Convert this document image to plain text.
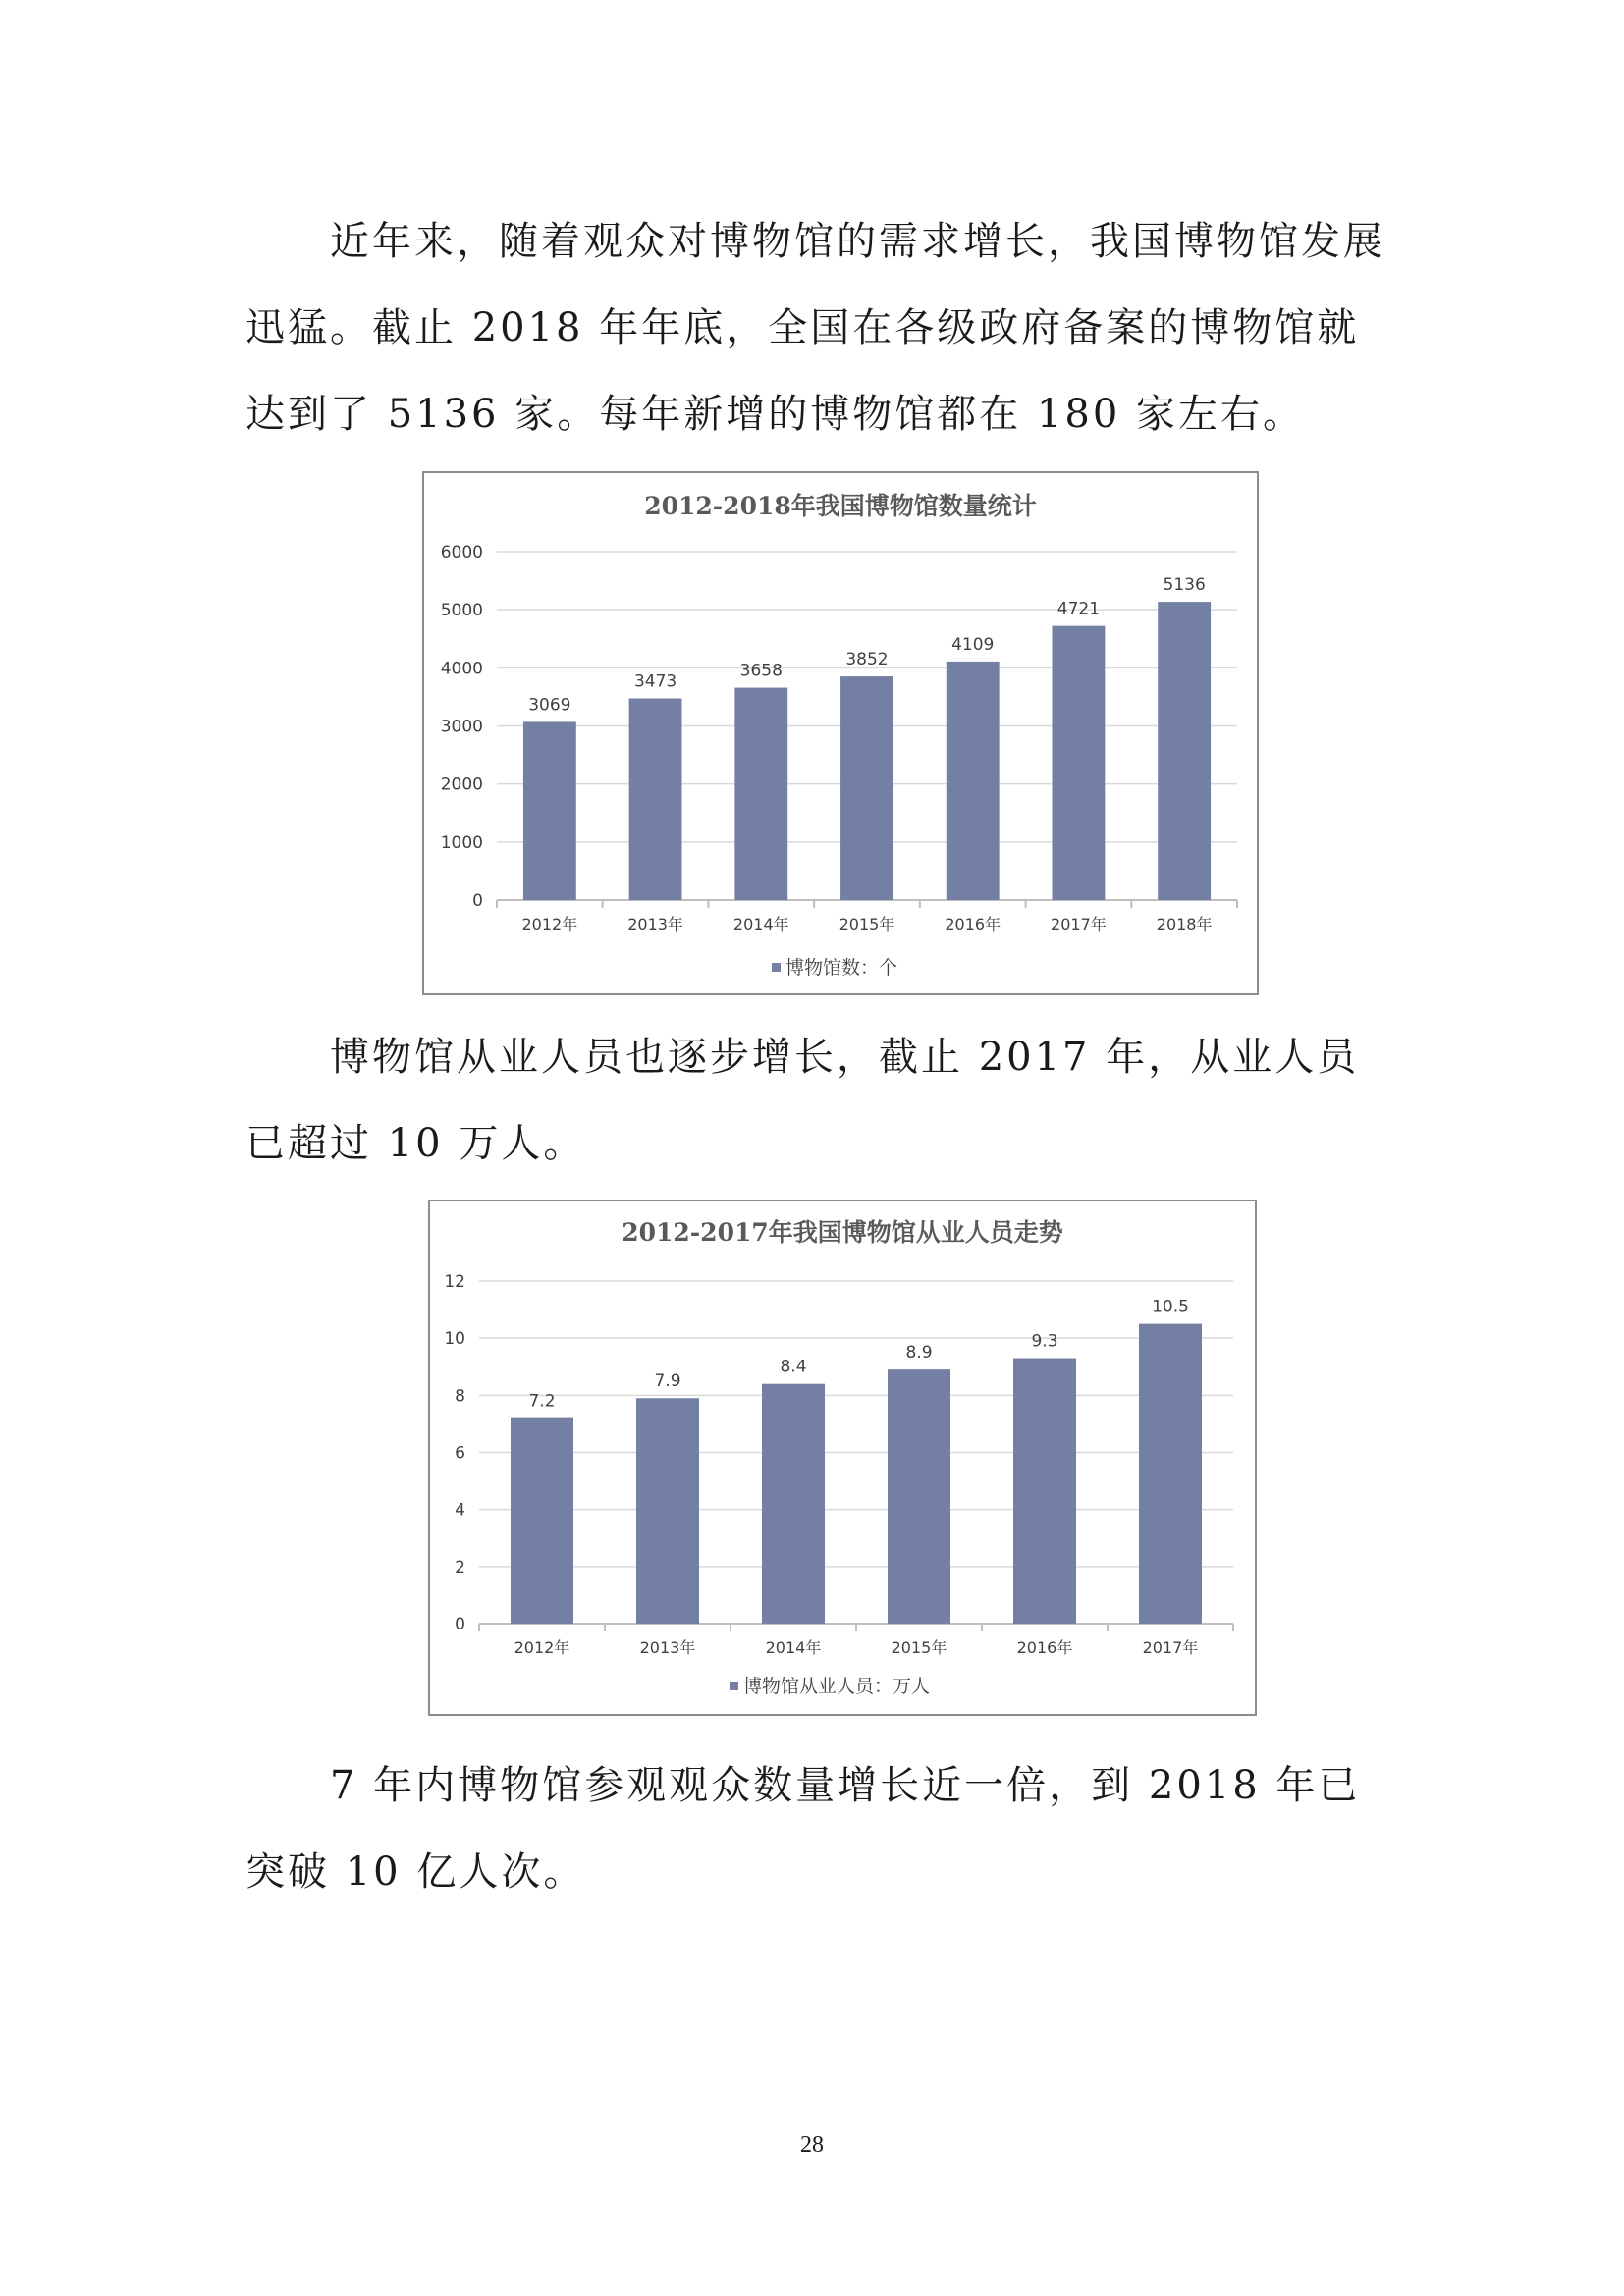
近年来，随着观众对博物馆的需求增长，我国博物馆发展迅猛。截止 2018 年年底，全国在各级政府备案的博物馆就达到了 5136 家。每年新增的博物馆都在 180 家左右。

2012-2018年我国博物馆数量统计
0
1000
2000
3000
4000
5000
6000
3069
2012年
3473
2013年
3658
2014年
3852
2015年
4109
2016年
4721
2017年
5136
2018年
博物馆数：个

博物馆从业人员也逐步增长，截止 2017 年，从业人员已超过 10 万人。

2012-2017年我国博物馆从业人员走势
0
2
4
6
8
10
12
7.2
2012年
7.9
2013年
8.4
2014年
8.9
2015年
9.3
2016年
10.5
2017年
博物馆从业人员：万人

7 年内博物馆参观观众数量增长近一倍，到 2018 年已突破 10 亿人次。

28
